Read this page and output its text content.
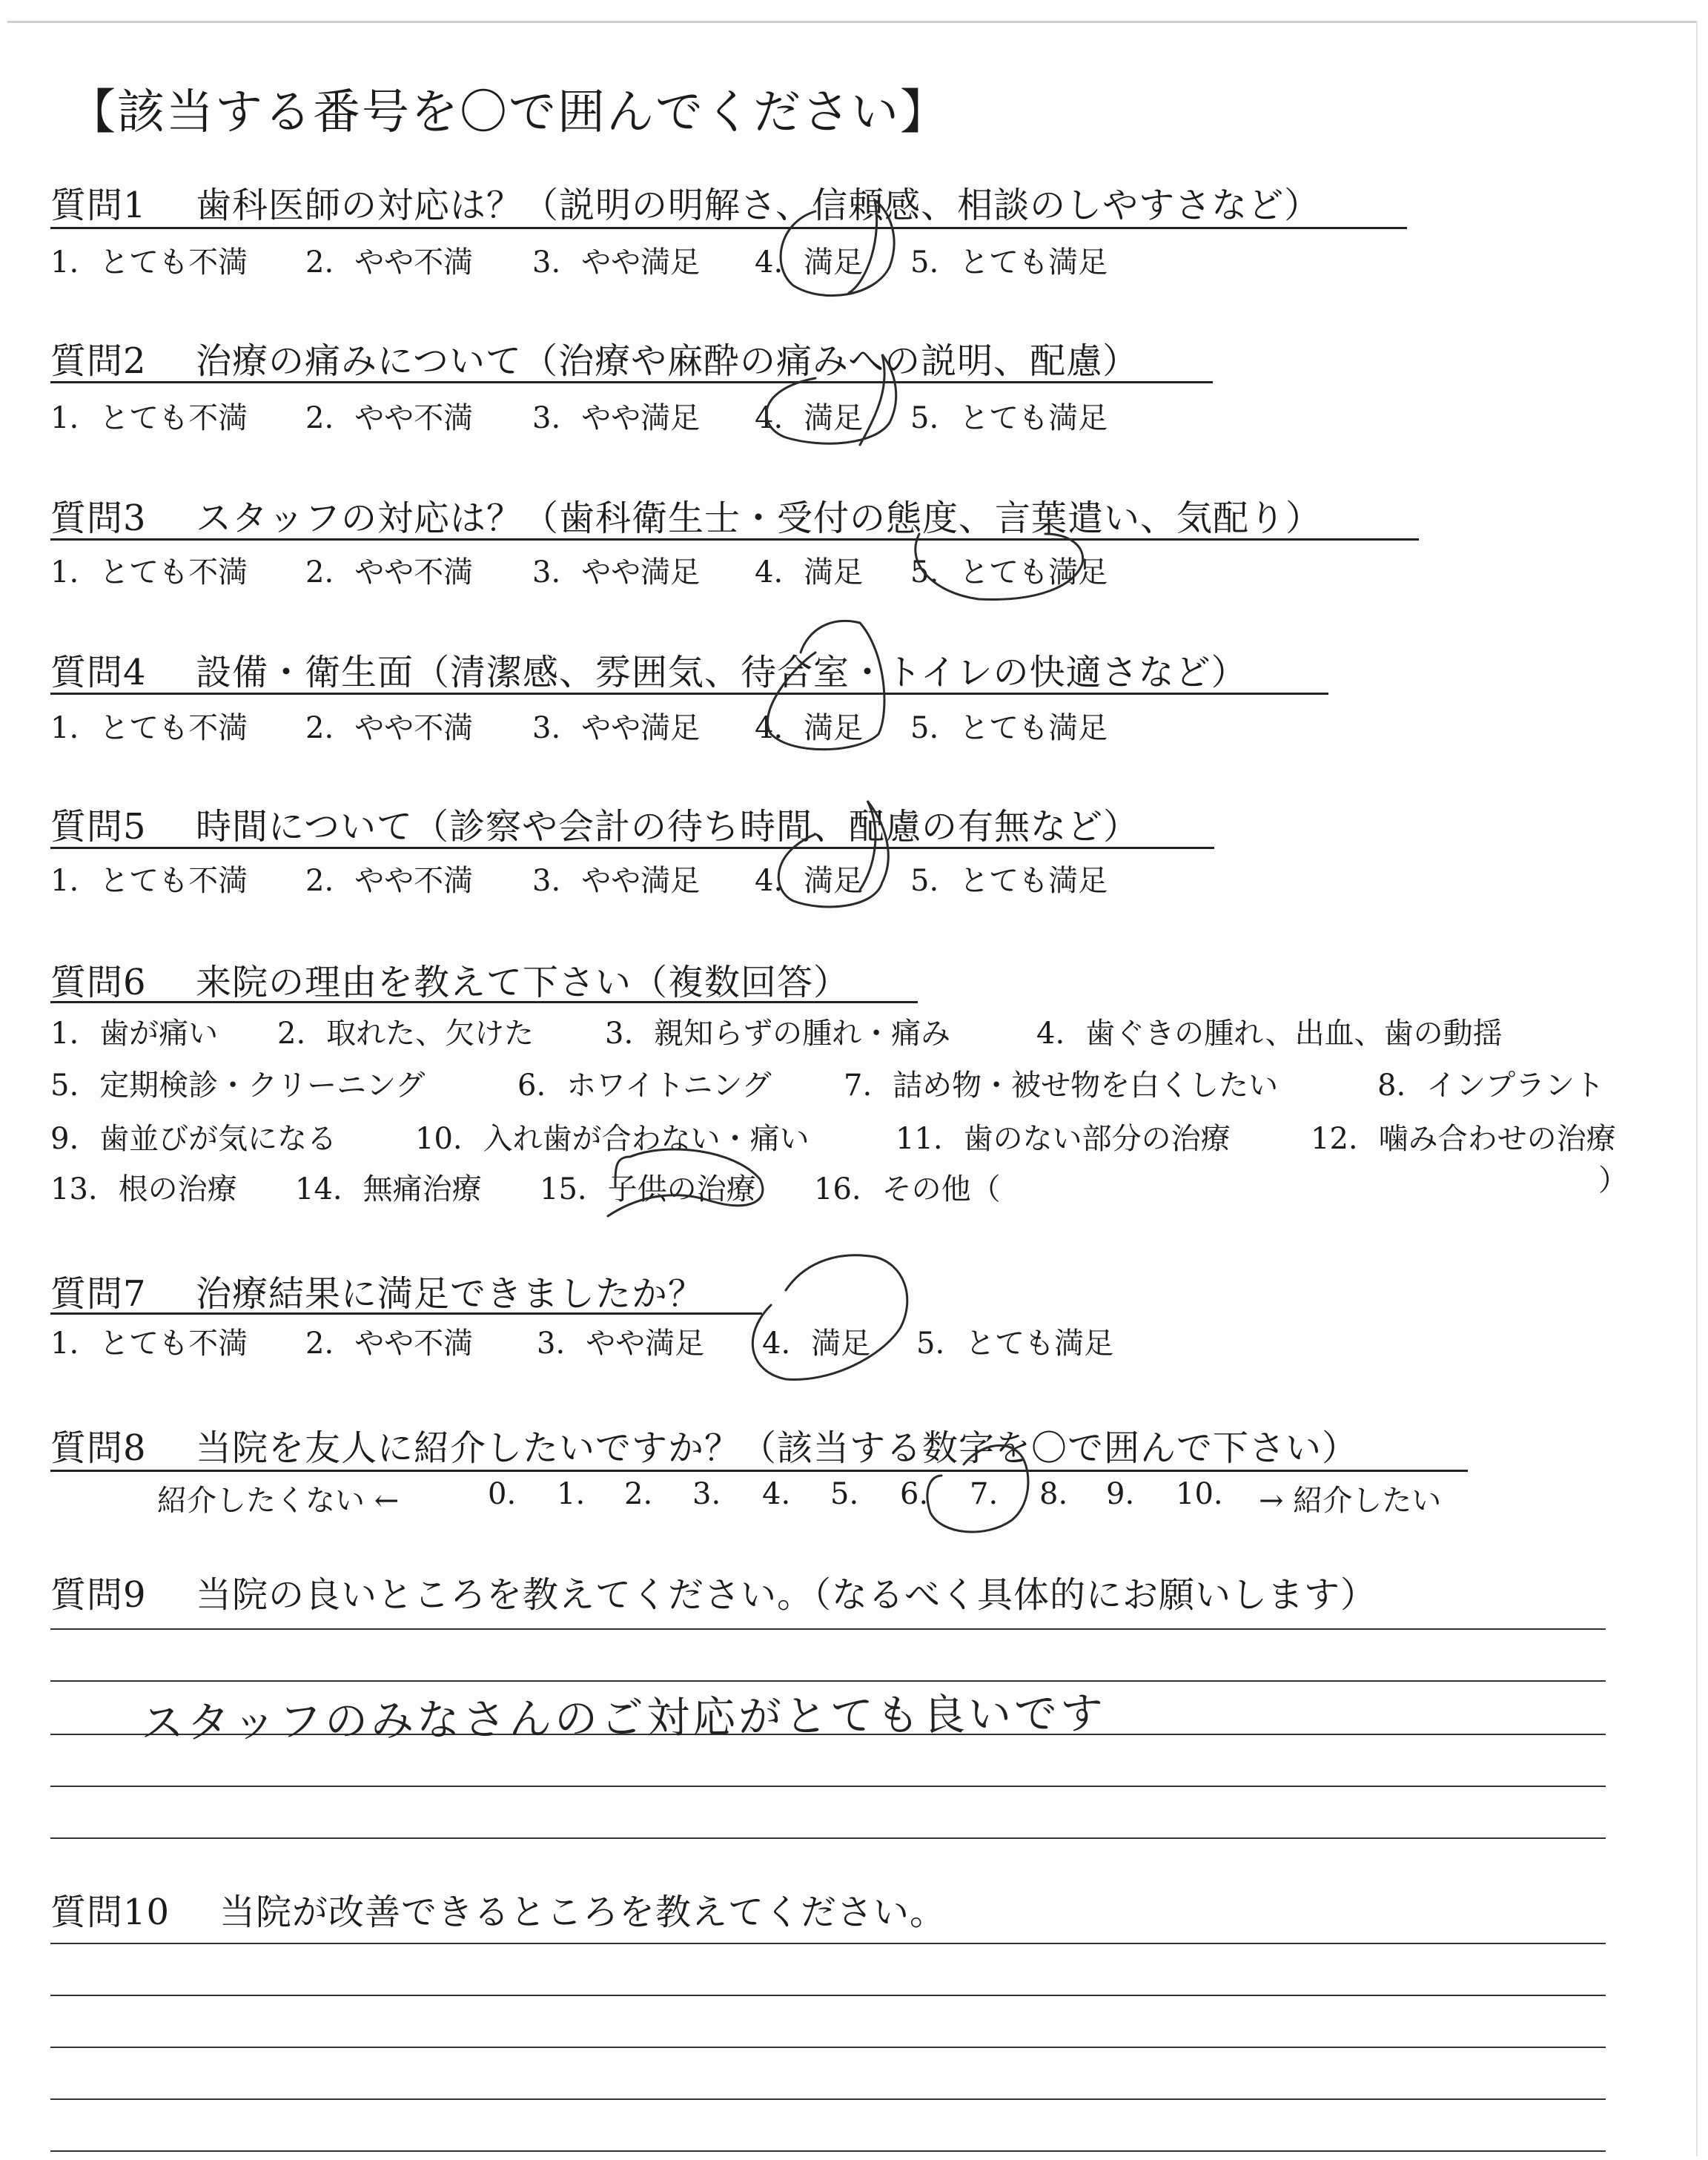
【該当する番号を〇で囲んでください】
質問1 歯科医師の対応は？（説明の明解さ、信頼感、相談のしやすさなど）
1. とても不満 2. やや不満 3. やや満足 4. 満足 5. とても満足
質問2 治療の痛みについて（治療や麻酔の痛みへの説明、配慮）
1. とても不満 2. やや不満 3. やや満足 4. 満足 5. とても満足
質問3 スタッフの対応は？（歯科衛生士・受付の態度、言葉遣い、気配り）
1. とても不満 2. やや不満 3. やや満足 4. 満足 5. とても満足
質問4 設備・衛生面（清潔感、雰囲気、待合室・トイレの快適さなど）
1. とても不満 2. やや不満 3. やや満足 4. 満足 5. とても満足
質問5 時間について（診察や会計の待ち時間、配慮の有無など）
1. とても不満 2. やや不満 3. やや満足 4. 満足 5. とても満足
質問6 来院の理由を教えて下さい（複数回答）
1. 歯が痛い 2. 取れた、欠けた 3. 親知らずの腫れ・痛み	4. 歯ぐきの腫れ、出血、歯の動揺
5. 定期検診・クリーニング	6. ホワイトニング 7. 詰め物・被せ物を白くしたい	8. インプラント
9. 歯並びが気になる	10. 入れ歯が合わない・痛い	11. 歯のない部分の治療	12. 噛み合わせの治療
13. 根の治療 14. 無痛治療 15. 子供の治療 16. その他（	）
質問7 治療結果に満足できましたか？
1. とても不満 2. やや不満 3. やや満足 4. 満足 5. とても満足
質問8 当院を友人に紹介したいですか？（該当する数字を〇で囲んで下さい）
紹介したくない ←	0. 1. 2. 3. 4. 5. 6. 7. 8. 9. 10. → 紹介したい
質問9 当院の良いところを教えてください。（なるべく具体的にお願いします）
スタッフのみなさんのご対応がとても良いです
質問10 当院が改善できるところを教えてください。
